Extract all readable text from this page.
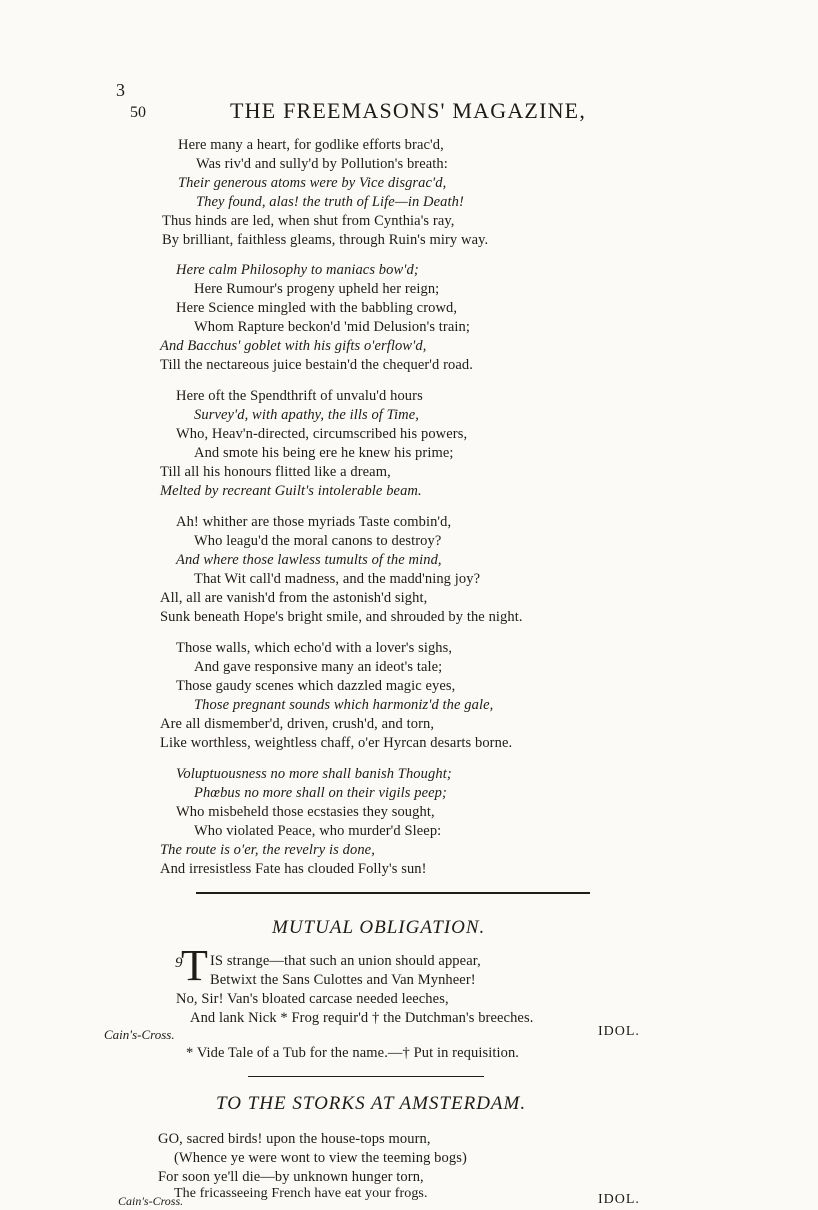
3
50	THE FREEMASONS' MAGAZINE,
Here many a heart, for godlike efforts brac'd,
Was riv'd and sully'd by Pollution's breath:
Their generous atoms were by Vice disgrac'd,
They found, alas! the truth of Life—in Death!
Thus hinds are led, when shut from Cynthia's ray,
By brilliant, faithless gleams, through Ruin's miry way.
Here calm Philosophy to maniacs bow'd;
Here Rumour's progeny upheld her reign;
Here Science mingled with the babbling crowd,
Whom Rapture beckon'd 'mid Delusion's train;
And Bacchus' goblet with his gifts o'erflow'd,
Till the nectareous juice bestain'd the chequer'd road.
Here oft the Spendthrift of unvalu'd hours
Survey'd, with apathy, the ills of Time,
Who, Heav'n-directed, circumscribed his powers,
And smote his being ere he knew his prime;
Till all his honours flitted like a dream,
Melted by recreant Guilt's intolerable beam.
Ah! whither are those myriads Taste combin'd,
Who leagu'd the moral canons to destroy?
And where those lawless tumults of the mind,
That Wit call'd madness, and the madd'ning joy?
All, all are vanish'd from the astonish'd sight,
Sunk beneath Hope's bright smile, and shrouded by the night.
Those walls, which echo'd with a lover's sighs,
And gave responsive many an ideot's tale;
Those gaudy scenes which dazzled magic eyes,
Those pregnant sounds which harmoniz'd the gale,
Are all dismember'd, driven, crush'd, and torn,
Like worthless, weightless chaff, o'er Hyrcan desarts borne.
Voluptuousness no more shall banish Thought;
Phœbus no more shall on their vigils peep;
Who misbeheld those ecstasies they sought,
Who violated Peace, who murder'd Sleep:
The route is o'er, the revelry is done,
And irresistless Fate has clouded Folly's sun!
MUTUAL OBLIGATION.
9
T IS strange—that such an union should appear,
Betwixt the Sans Culottes and Van Mynheer!
No, Sir! Van's bloated carcase needed leeches,
And lank Nick * Frog requir'd † the Dutchman's breeches.
Cain's-Cross.	IDOL.
* Vide Tale of a Tub for the name.—† Put in requisition.
TO THE STORKS AT AMSTERDAM.
GO, sacred birds! upon the house-tops mourn,
(Whence ye were wont to view the teeming bogs)
For soon ye'll die—by unknown hunger torn,
The fricasseeing French have eat your frogs.
Cain's-Cross.	IDOL.
